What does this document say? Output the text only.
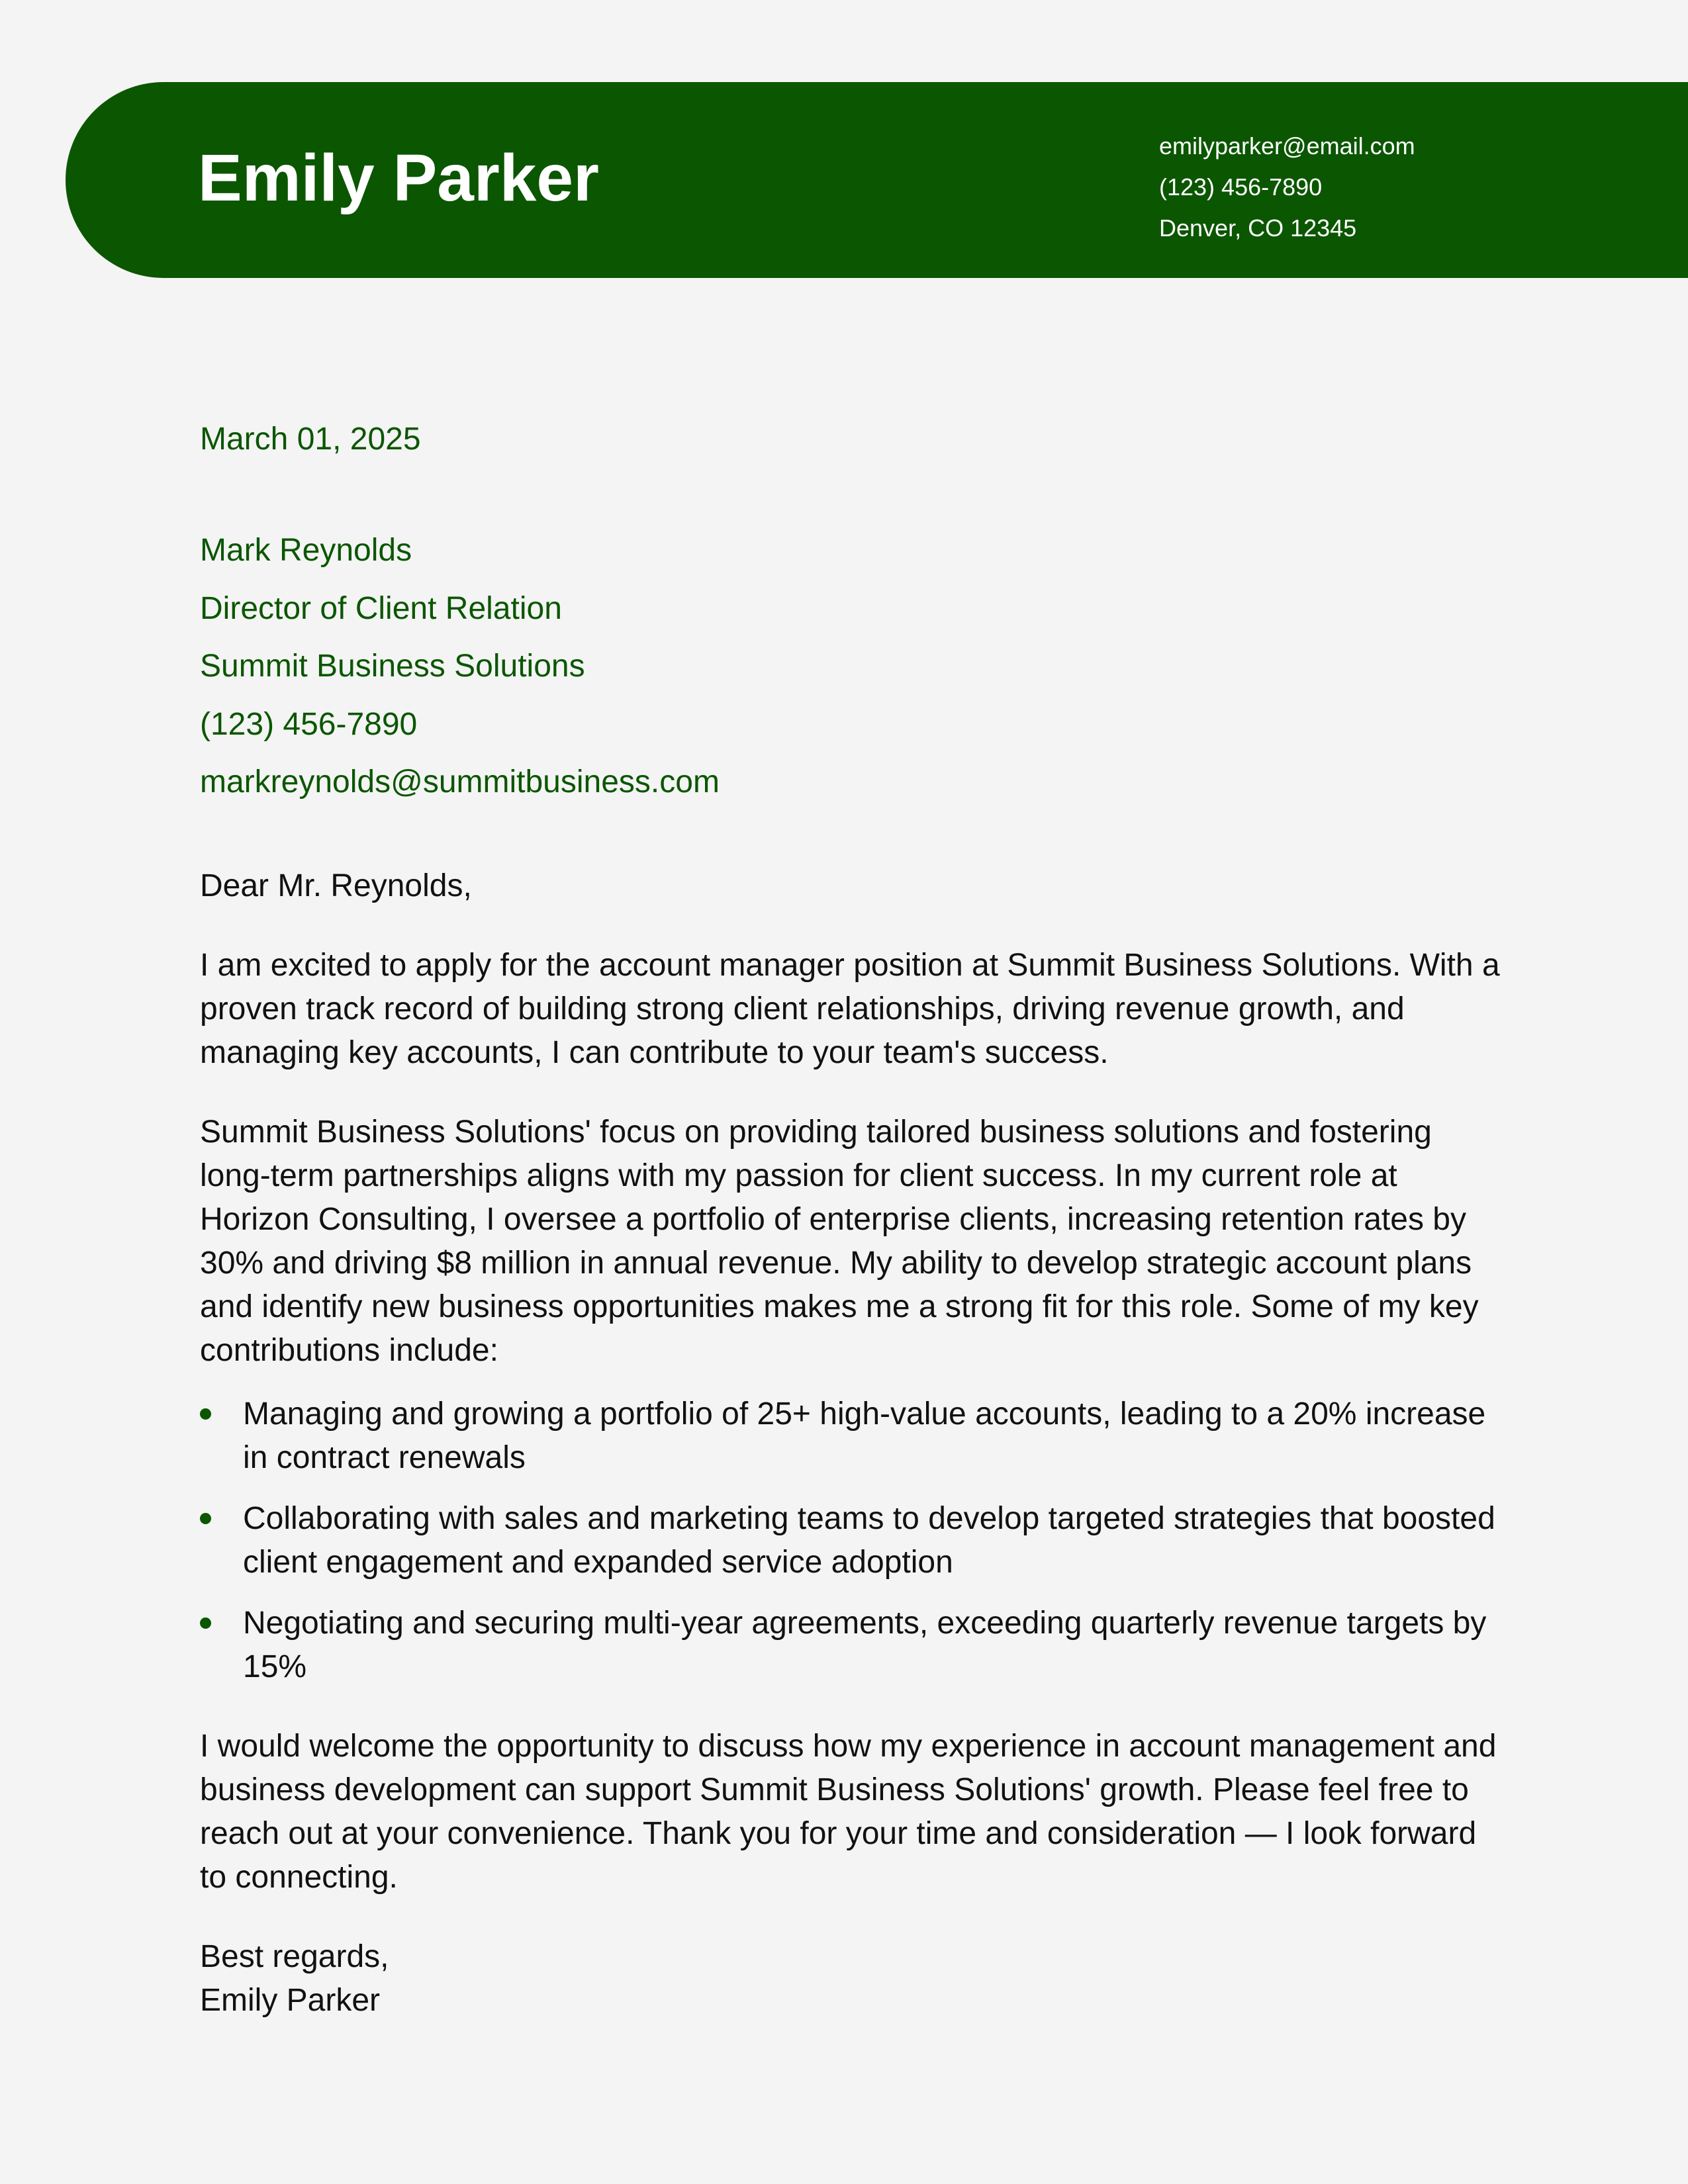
Emily Parker	emilyparker@email.com
(123) 456-7890
Denver, CO 12345
March 01, 2025
Mark Reynolds
Director of Client Relation
Summit Business Solutions
(123) 456-7890
markreynolds@summitbusiness.com
Dear Mr. Reynolds,

I am excited to apply for the account manager position at Summit Business Solutions. With a proven track record of building strong client relationships, driving revenue growth, and managing key accounts, I can contribute to your team's success.

Summit Business Solutions' focus on providing tailored business solutions and fostering long-term partnerships aligns with my passion for client success. In my current role at Horizon Consulting, I oversee a portfolio of enterprise clients, increasing retention rates by 30% and driving $8 million in annual revenue. My ability to develop strategic account plans and identify new business opportunities makes me a strong fit for this role. Some of my key contributions include:

Managing and growing a portfolio of 25+ high-value accounts, leading to a 20% increase in contract renewals
Collaborating with sales and marketing teams to develop targeted strategies that boosted client engagement and expanded service adoption
Negotiating and securing multi-year agreements, exceeding quarterly revenue targets by 15%

I would welcome the opportunity to discuss how my experience in account management and business development can support Summit Business Solutions' growth. Please feel free to reach out at your convenience. Thank you for your time and consideration — I look forward to connecting.

Best regards,
Emily Parker
